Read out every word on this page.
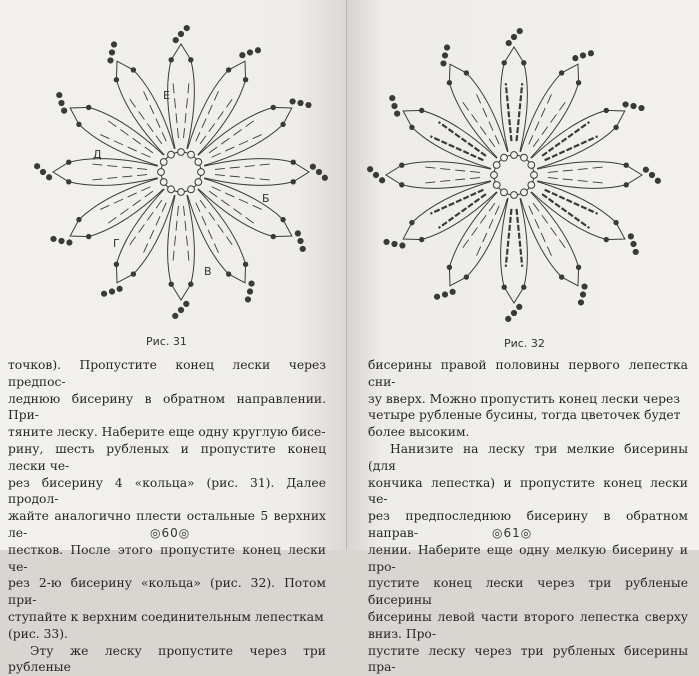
Е
Д
Г
В
Б
Рис. 31

точков). Пропустите конец лески через предпос-

леднюю бисерину в обратном направлении. При-

тяните леску. Наберите еще одну круглую бисе-

рину, шесть рубленых и пропустите конец лески че-

рез бисерину 4 «кольца» (рис. 31). Далее продол-

жайте аналогично плести остальные 5 верхних ле-

пестков. После этого пропустите конец лески че-

рез 2-ю бисерину «кольца» (рис. 32). Потом при-

ступайте к верхним соединительным лепесткам

(рис. 33).

Эту же леску пропустите через три рубленые

◎60◎
Рис. 32

бисерины правой половины первого лепестка сни-

зу вверх. Можно пропустить конец лески через

четыре рубленые бусины, тогда цветочек будет

более высоким.

Нанизите на леску три мелкие бисерины (для

кончика лепестка) и пропустите конец лески че-

рез предпоследнюю бисерину в обратном направ-

лении. Наберите еще одну мелкую бисерину и про-

пустите конец лески через три рубленые бисерины

бисерины левой части второго лепестка сверху вниз. Про-

пустите леску через три рубленых бисерины пра-

◎61◎
